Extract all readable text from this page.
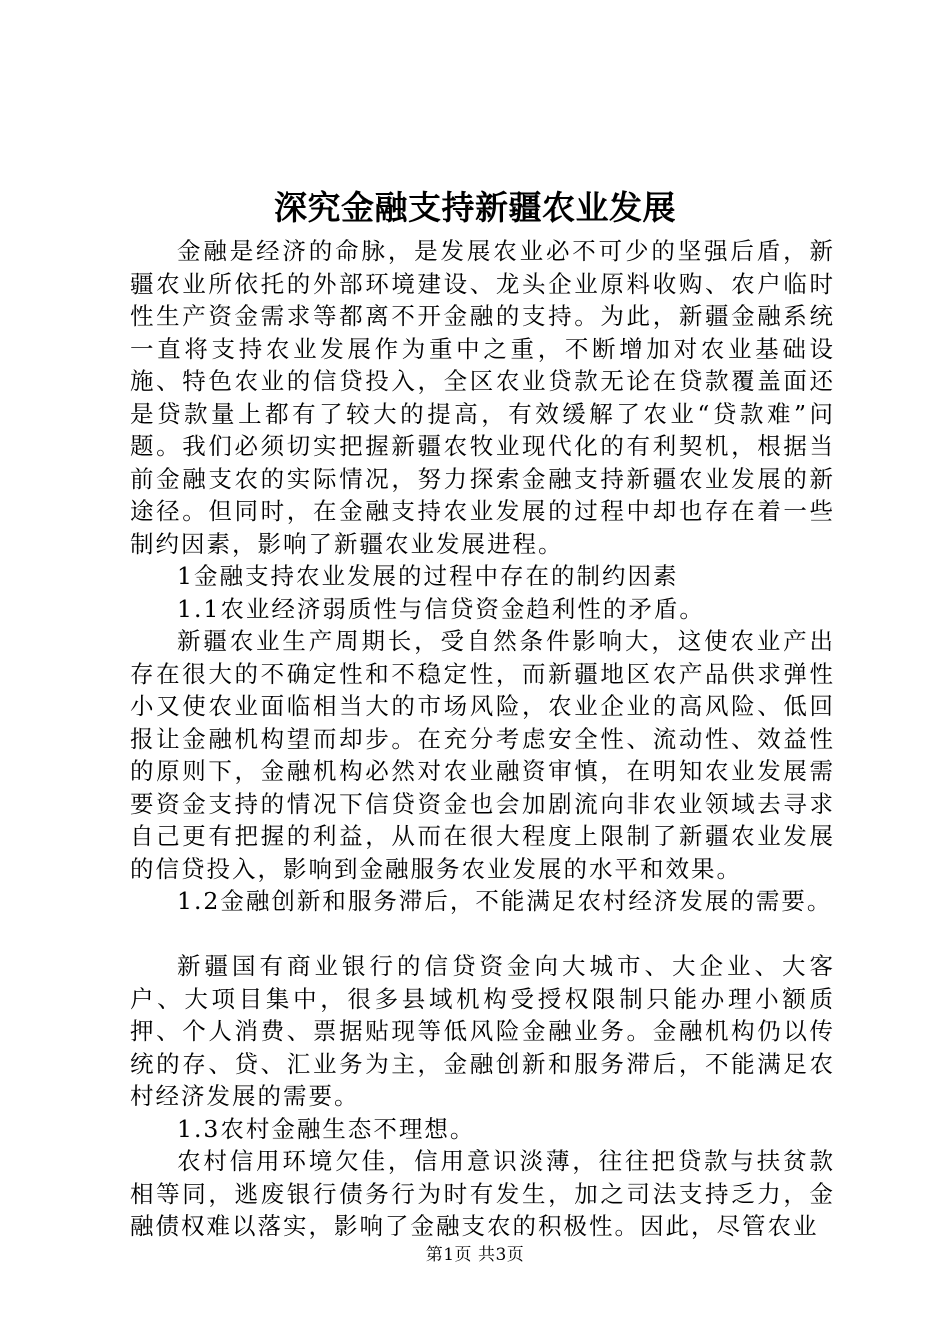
深究金融支持新疆农业发展

金融是经济的命脉，是发展农业必不可少的坚强后盾，新疆农业所依托的外部环境建设、龙头企业原料收购、农户临时性生产资金需求等都离不开金融的支持。为此，新疆金融系统一直将支持农业发展作为重中之重，不断增加对农业基础设施、特色农业的信贷投入，全区农业贷款无论在贷款覆盖面还是贷款量上都有了较大的提高，有效缓解了农业“贷款难”问题。我们必须切实把握新疆农牧业现代化的有利契机，根据当前金融支农的实际情况，努力探索金融支持新疆农业发展的新途径。但同时，在金融支持农业发展的过程中却也存在着一些制约因素，影响了新疆农业发展进程。

1金融支持农业发展的过程中存在的制约因素

1.1农业经济弱质性与信贷资金趋利性的矛盾。

新疆农业生产周期长，受自然条件影响大，这使农业产出存在很大的不确定性和不稳定性，而新疆地区农产品供求弹性小又使农业面临相当大的市场风险，农业企业的高风险、低回报让金融机构望而却步。在充分考虑安全性、流动性、效益性的原则下，金融机构必然对农业融资审慎，在明知农业发展需要资金支持的情况下信贷资金也会加剧流向非农业领域去寻求自己更有把握的利益，从而在很大程度上限制了新疆农业发展的信贷投入，影响到金融服务农业发展的水平和效果。

1.2金融创新和服务滞后，不能满足农村经济发展的需要。

新疆国有商业银行的信贷资金向大城市、大企业、大客户、大项目集中，很多县域机构受授权限制只能办理小额质押、个人消费、票据贴现等低风险金融业务。金融机构仍以传统的存、贷、汇业务为主，金融创新和服务滞后，不能满足农村经济发展的需要。

1.3农村金融生态不理想。

农村信用环境欠佳，信用意识淡薄，往往把贷款与扶贫款相等同，逃废银行债务行为时有发生，加之司法支持乏力，金融债权难以落实，影响了金融支农的积极性。因此，尽管农业

第1页 共3页
